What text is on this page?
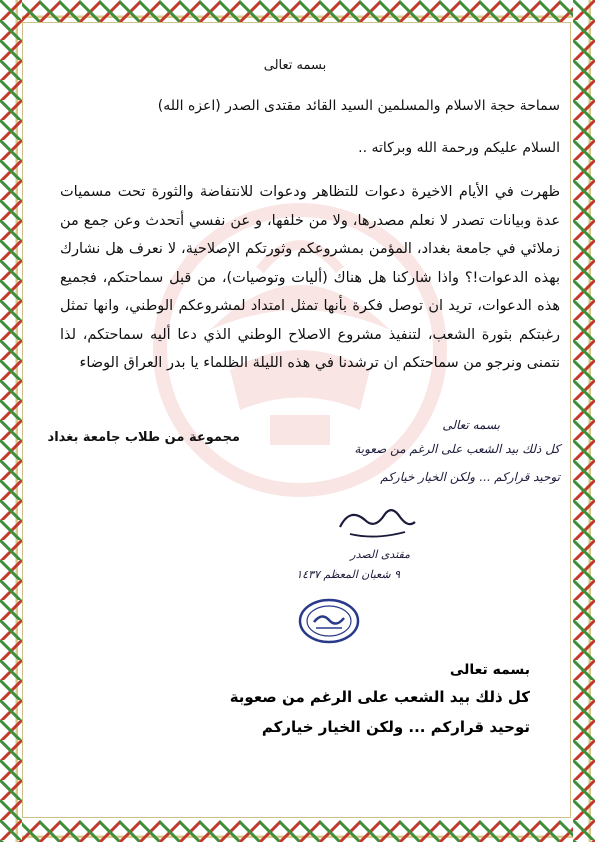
بسمه تعالى

سماحة حجة الاسلام والمسلمين السيد القائد مقتدى الصدر (اعزه الله)

السلام عليكم ورحمة الله وبركاته ..

ظهرت في الأيام الاخيرة دعوات للتظاهر ودعوات للانتفاضة والثورة تحت مسميات عدة وبيانات تصدر لا نعلم مصدرها، ولا من خلفها، و عن نفسي أتحدث وعن جمع من زملائي في جامعة بغداد، المؤمن بمشروعكم وثورتكم الإصلاحية، لا نعرف هل نشارك بهذه الدعوات!؟ واذا شاركنا هل هناك (أليات وتوصيات)، من قبل سماحتكم، فجميع هذه الدعوات، تريد ان توصل فكرة بأنها تمثل امتداد لمشروعكم الوطني، وانها تمثل رغبتكم بثورة الشعب، لتنفيذ مشروع الاصلاح الوطني الذي دعا أليه سماحتكم، لذا نتمنى ونرجو من سماحتكم ان ترشدنا في هذه الليلة الظلماء يا بدر العراق الوضاء

مجموعة من طلاب جامعة بغداد

بسمه تعالى

كل ذلك بيد الشعب على الرغم من صعوبة

توحيد قراركم ... ولكن الخيار خياركم

مقتدى الصدر

٩ شعبان المعظم ١٤٣٧

بسمه تعالى

كل ذلك بيد الشعب على الرغم من صعوبة

توحيد قراركم ... ولكن الخيار خياركم
